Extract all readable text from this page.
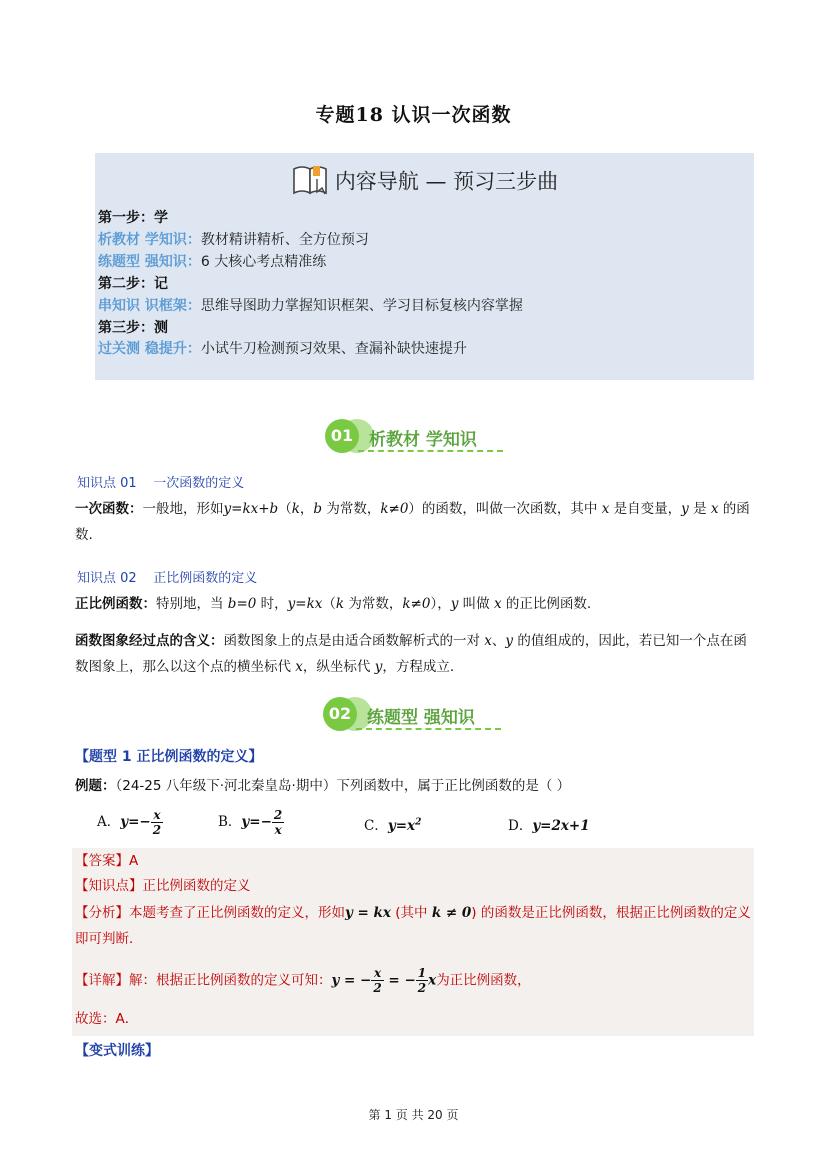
专题18 认识一次函数
内容导航 — 预习三步曲
第一步：学
析教材 学知识：教材精讲精析、全方位预习
练题型 强知识：6 大核心考点精准练
第二步：记
串知识 识框架：思维导图助力掌握知识框架、学习目标复核内容掌握
第三步：测
过关测 稳提升：小试牛刀检测预习效果、查漏补缺快速提升
01 析教材 学知识
知识点 01 一次函数的定义
一次函数：一般地，形如y=kx+b（k，b 为常数，k≠0）的函数，叫做一次函数，其中 x 是自变量，y 是 x 的函数.
知识点 02 正比例函数的定义
正比例函数：特别地，当 b=0 时，y=kx（k 为常数，k≠0），y 叫做 x 的正比例函数.
函数图象经过点的含义：函数图象上的点是由适合函数解析式的一对 x、y 的值组成的，因此，若已知一个点在函数图象上，那么以这个点的横坐标代 x，纵坐标代 y，方程成立.
02 练题型 强知识
【题型 1 正比例函数的定义】
例题：（24-25 八年级下·河北秦皇岛·期中）下列函数中，属于正比例函数的是（ ）
A．$y=- \frac{x}{2}$	B．$y=- \frac{2}{x}$	C．$y=x^2$	D．y=2x+1
【答案】A
【知识点】正比例函数的定义
【分析】本题考查了正比例函数的定义，形如y = kx (其中 k ≠ 0) 的函数是正比例函数，根据正比例函数的定义即可判断．
【详解】解：根据正比例函数的定义可知：y = − $\frac{x}{2}$ = − $\frac{1}{2}$ x为正比例函数，
故选：A．
【变式训练】
第 1 页 共 20 页
